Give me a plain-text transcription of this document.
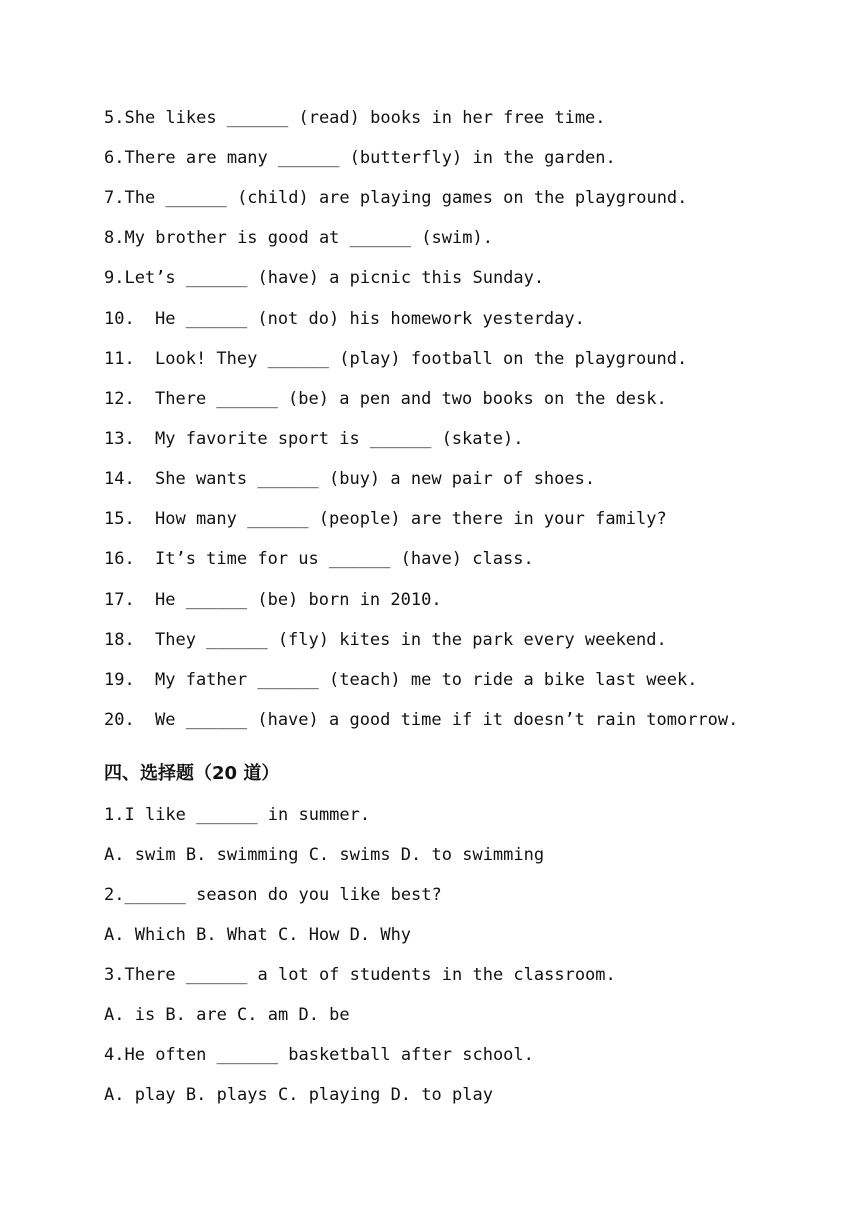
5.She likes ______ (read) books in her free time.
6.There are many ______ (butterfly) in the garden.
7.The ______ (child) are playing games on the playground.
8.My brother is good at ______ (swim).
9.Let’s ______ (have) a picnic this Sunday.
10. He ______ (not do) his homework yesterday.
11. Look! They ______ (play) football on the playground.
12. There ______ (be) a pen and two books on the desk.
13. My favorite sport is ______ (skate).
14. She wants ______ (buy) a new pair of shoes.
15. How many ______ (people) are there in your family?
16. It’s time for us ______ (have) class.
17. He ______ (be) born in 2010.
18. They ______ (fly) kites in the park every weekend.
19. My father ______ (teach) me to ride a bike last week.
20. We ______ (have) a good time if it doesn’t rain tomorrow.
四、选择题（20 道）
1.I like ______ in summer.
A. swim B. swimming C. swims D. to swimming
2.______ season do you like best?
A. Which B. What C. How D. Why
3.There ______ a lot of students in the classroom.
A. is B. are C. am D. be
4.He often ______ basketball after school.
A. play B. plays C. playing D. to play
